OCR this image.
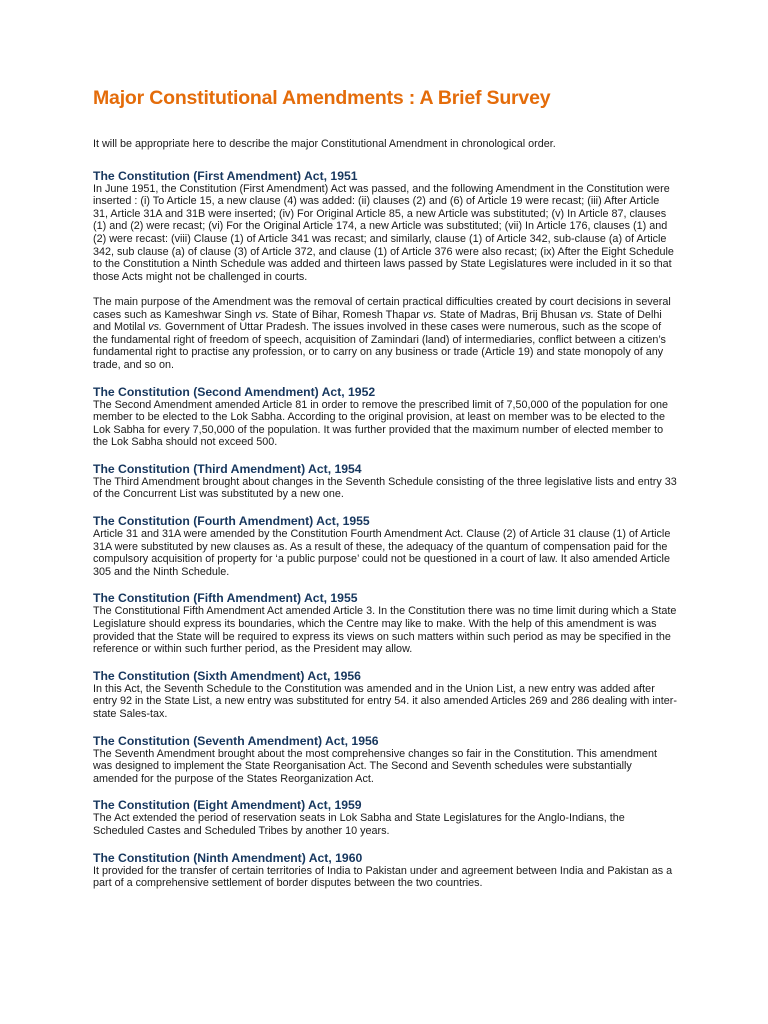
Major Constitutional Amendments : A Brief Survey

It will be appropriate here to describe the major Constitutional Amendment in chronological order.

The Constitution (First Amendment) Act, 1951

In June 1951, the Constitution (First Amendment) Act was passed, and the following Amendment in the Constitution were inserted : (i) To Article 15, a new clause (4) was added: (ii) clauses (2) and (6) of Article 19 were recast; (iii) After Article 31, Article 31A and 31B were inserted; (iv) For Original Article 85, a new Article was substituted; (v) In Article 87, clauses (1) and (2) were recast; (vi) For the Original Article 174, a new Article was substituted; (vii) In Article 176, clauses (1) and (2) were recast: (viii) Clause (1) of Article 341 was recast; and similarly, clause (1) of Article 342, sub-clause (a) of Article 342, sub clause (a) of clause (3) of Article 372, and clause (1) of Article 376 were also recast; (ix) After the Eight Schedule to the Constitution a Ninth Schedule was added and thirteen laws passed by State Legislatures were included in it so that those Acts might not be challenged in courts.

The main purpose of the Amendment was the removal of certain practical difficulties created by court decisions in several cases such as Kameshwar Singh vs. State of Bihar, Romesh Thapar vs. State of Madras, Brij Bhusan vs. State of Delhi and Motilal vs. Government of Uttar Pradesh. The issues involved in these cases were numerous, such as the scope of the fundamental right of freedom of speech, acquisition of Zamindari (land) of intermediaries, conflict between a citizen’s fundamental right to practise any profession, or to carry on any business or trade (Article 19) and state monopoly of any trade, and so on.

The Constitution (Second Amendment) Act, 1952

The Second Amendment amended Article 81 in order to remove the prescribed limit of 7,50,000 of the population for one member to be elected to the Lok Sabha. According to the original provision, at least on member was to be elected to the Lok Sabha for every 7,50,000 of the population. It was further provided that the maximum number of elected member to the Lok Sabha should not exceed 500.

The Constitution (Third Amendment) Act, 1954

The Third Amendment brought about changes in the Seventh Schedule consisting of the three legislative lists and entry 33 of the Concurrent List was substituted by a new one.

The Constitution (Fourth Amendment) Act, 1955

Article 31 and 31A were amended by the Constitution Fourth Amendment Act. Clause (2) of Article 31 clause (1) of Article 31A were substituted by new clauses as. As a result of these, the adequacy of the quantum of compensation paid for the compulsory acquisition of property for ‘a public purpose’ could not be questioned in a court of law. It also amended Article 305 and the Ninth Schedule.

The Constitution (Fifth Amendment) Act, 1955

The Constitutional Fifth Amendment Act amended Article 3. In the Constitution there was no time limit during which a State Legislature should express its boundaries, which the Centre may like to make. With the help of this amendment is was provided that the State will be required to express its views on such matters within such period as may be specified in the reference or within such further period, as the President may allow.

The Constitution (Sixth Amendment) Act, 1956

In this Act, the Seventh Schedule to the Constitution was amended and in the Union List, a new entry was added after entry 92 in the State List, a new entry was substituted for entry 54. it also amended Articles 269 and 286 dealing with inter-state Sales-tax.

The Constitution (Seventh Amendment) Act, 1956

The Seventh Amendment brought about the most comprehensive changes so fair in the Constitution. This amendment was designed to implement the State Reorganisation Act. The Second and Seventh schedules were substantially amended for the purpose of the States Reorganization Act.

The Constitution (Eight Amendment) Act, 1959

The Act extended the period of reservation seats in Lok Sabha and State Legislatures for the Anglo-Indians, the Scheduled Castes and Scheduled Tribes by another 10 years.

The Constitution (Ninth Amendment) Act, 1960

It provided for the transfer of certain territories of India to Pakistan under and agreement between India and Pakistan as a part of a comprehensive settlement of border disputes between the two countries.
